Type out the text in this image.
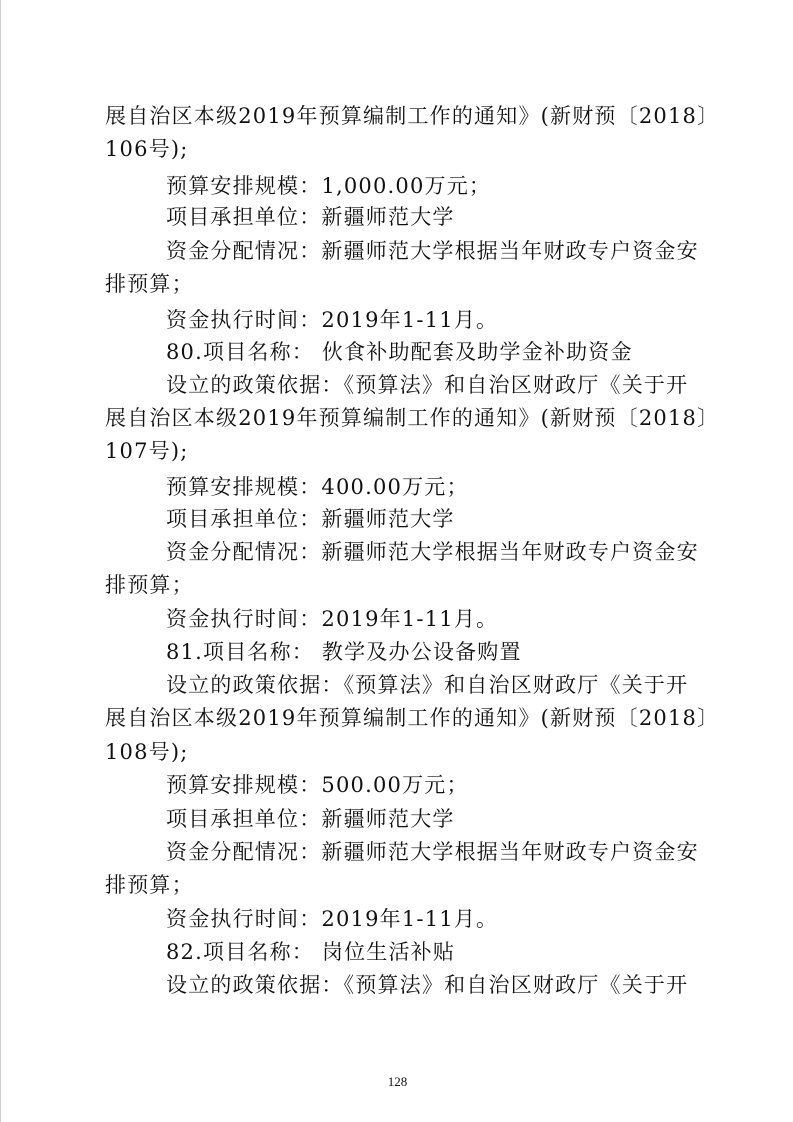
展自治区本级2019年预算编制工作的通知》(新财预〔2018〕
106号);
预算安排规模：1,000.00万元；
项目承担单位：新疆师范大学
资金分配情况：新疆师范大学根据当年财政专户资金安
排预算；
资金执行时间：2019年1-11月。
80.项目名称： 伙食补助配套及助学金补助资金
设立的政策依据：《预算法》和自治区财政厅《关于开
展自治区本级2019年预算编制工作的通知》(新财预〔2018〕
107号);
预算安排规模：400.00万元；
项目承担单位：新疆师范大学
资金分配情况：新疆师范大学根据当年财政专户资金安
排预算；
资金执行时间：2019年1-11月。
81.项目名称： 教学及办公设备购置
设立的政策依据：《预算法》和自治区财政厅《关于开
展自治区本级2019年预算编制工作的通知》(新财预〔2018〕
108号);
预算安排规模：500.00万元；
项目承担单位：新疆师范大学
资金分配情况：新疆师范大学根据当年财政专户资金安
排预算；
资金执行时间：2019年1-11月。
82.项目名称： 岗位生活补贴
设立的政策依据：《预算法》和自治区财政厅《关于开
128
